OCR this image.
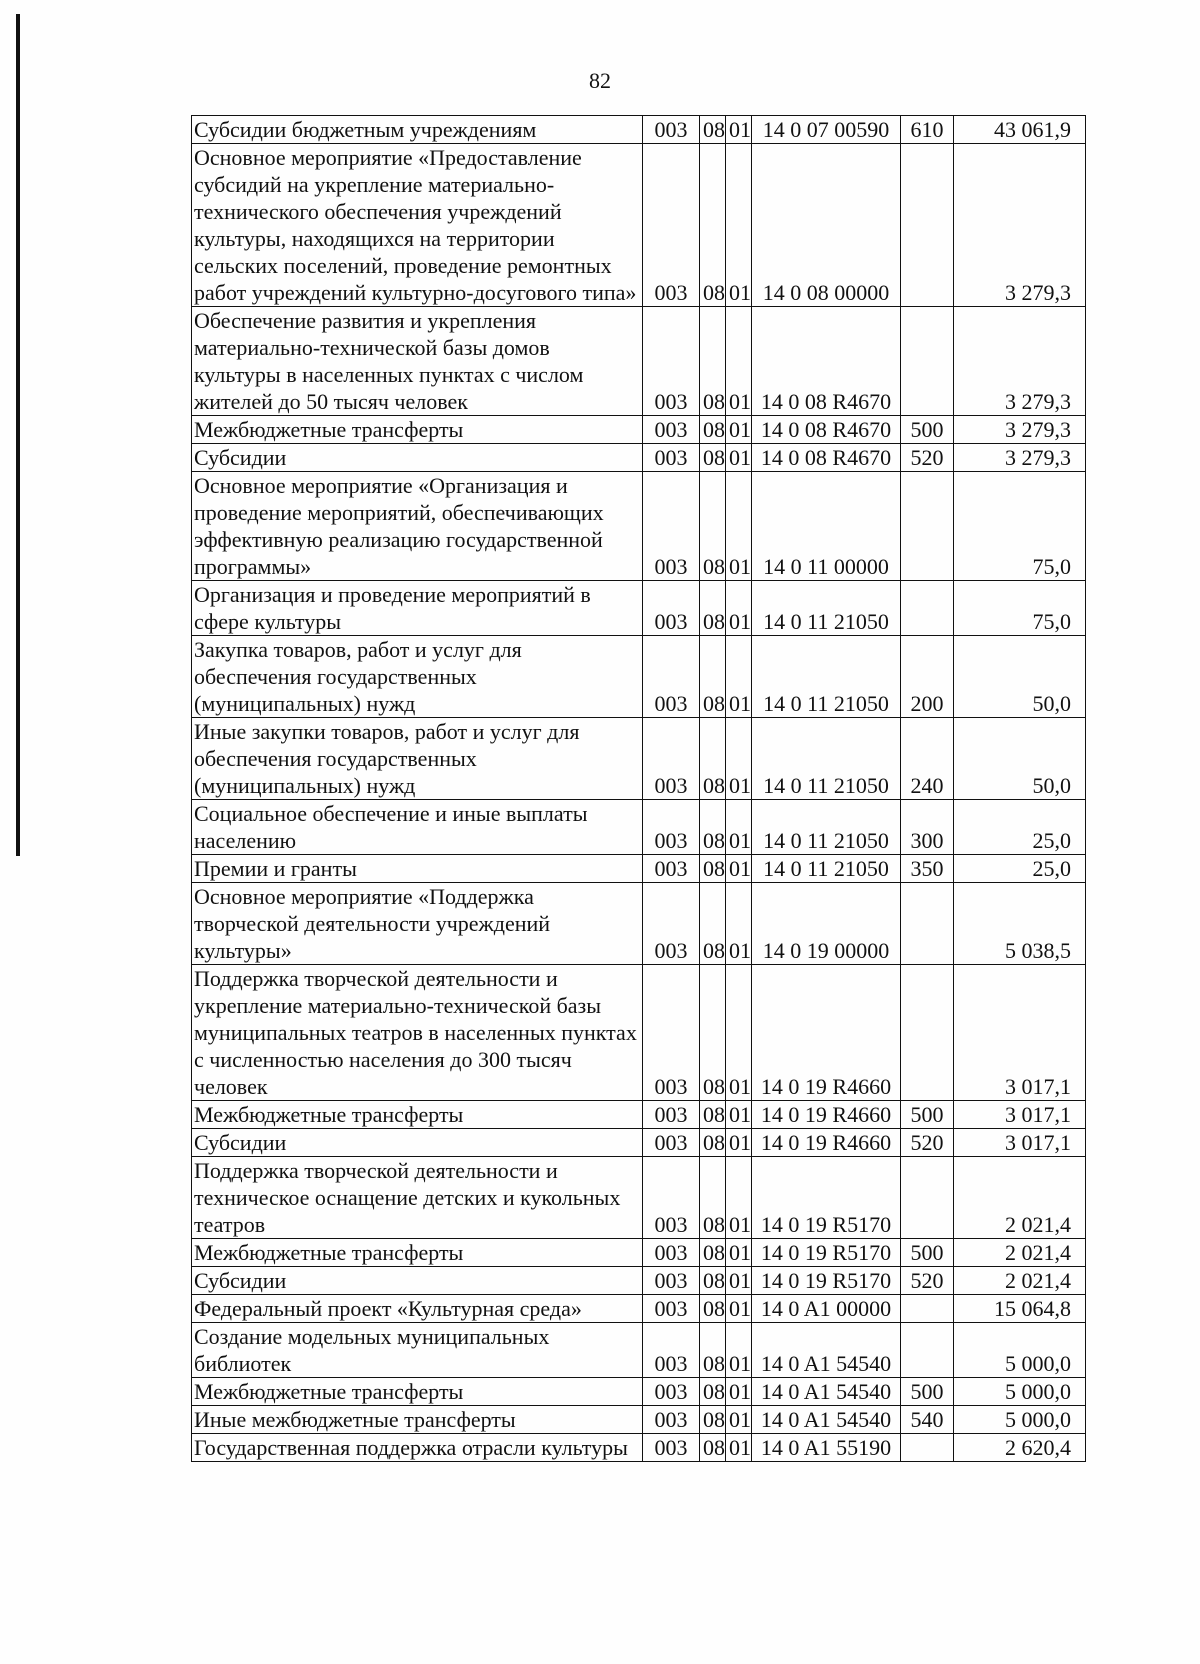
82
Субсидии бюджетным учреждениям	003	08	01	14 0 07 00590	610	43 061,9
Основное мероприятие «Предоставление субсидий на укрепление материально-технического обеспечения учреждений культуры, находящихся на территории сельских поселений, проведение ремонтных работ учреждений культурно-досугового типа»	003	08	01	14 0 08 00000		3 279,3
Обеспечение развития и укрепления материально-технической базы домов культуры в населенных пунктах с числом жителей до 50 тысяч человек	003	08	01	14 0 08 R4670		3 279,3
Межбюджетные трансферты	003	08	01	14 0 08 R4670	500	3 279,3
Субсидии	003	08	01	14 0 08 R4670	520	3 279,3
Основное мероприятие «Организация и проведение мероприятий, обеспечивающих эффективную реализацию государственной программы»	003	08	01	14 0 11 00000		75,0
Организация и проведение мероприятий в сфере культуры	003	08	01	14 0 11 21050		75,0
Закупка товаров, работ и услуг для обеспечения государственных (муниципальных) нужд	003	08	01	14 0 11 21050	200	50,0
Иные закупки товаров, работ и услуг для обеспечения государственных (муниципальных) нужд	003	08	01	14 0 11 21050	240	50,0
Социальное обеспечение и иные выплаты населению	003	08	01	14 0 11 21050	300	25,0
Премии и гранты	003	08	01	14 0 11 21050	350	25,0
Основное мероприятие «Поддержка творческой деятельности учреждений культуры»	003	08	01	14 0 19 00000		5 038,5
Поддержка творческой деятельности и укрепление материально-технической базы муниципальных театров в населенных пунктах с численностью населения до 300 тысяч человек	003	08	01	14 0 19 R4660		3 017,1
Межбюджетные трансферты	003	08	01	14 0 19 R4660	500	3 017,1
Субсидии	003	08	01	14 0 19 R4660	520	3 017,1
Поддержка творческой деятельности и техническое оснащение детских и кукольных театров	003	08	01	14 0 19 R5170		2 021,4
Межбюджетные трансферты	003	08	01	14 0 19 R5170	500	2 021,4
Субсидии	003	08	01	14 0 19 R5170	520	2 021,4
Федеральный проект «Культурная среда»	003	08	01	14 0 A1 00000		15 064,8
Создание модельных муниципальных библиотек	003	08	01	14 0 A1 54540		5 000,0
Межбюджетные трансферты	003	08	01	14 0 A1 54540	500	5 000,0
Иные межбюджетные трансферты	003	08	01	14 0 A1 54540	540	5 000,0
Государственная поддержка отрасли культуры	003	08	01	14 0 A1 55190		2 620,4
